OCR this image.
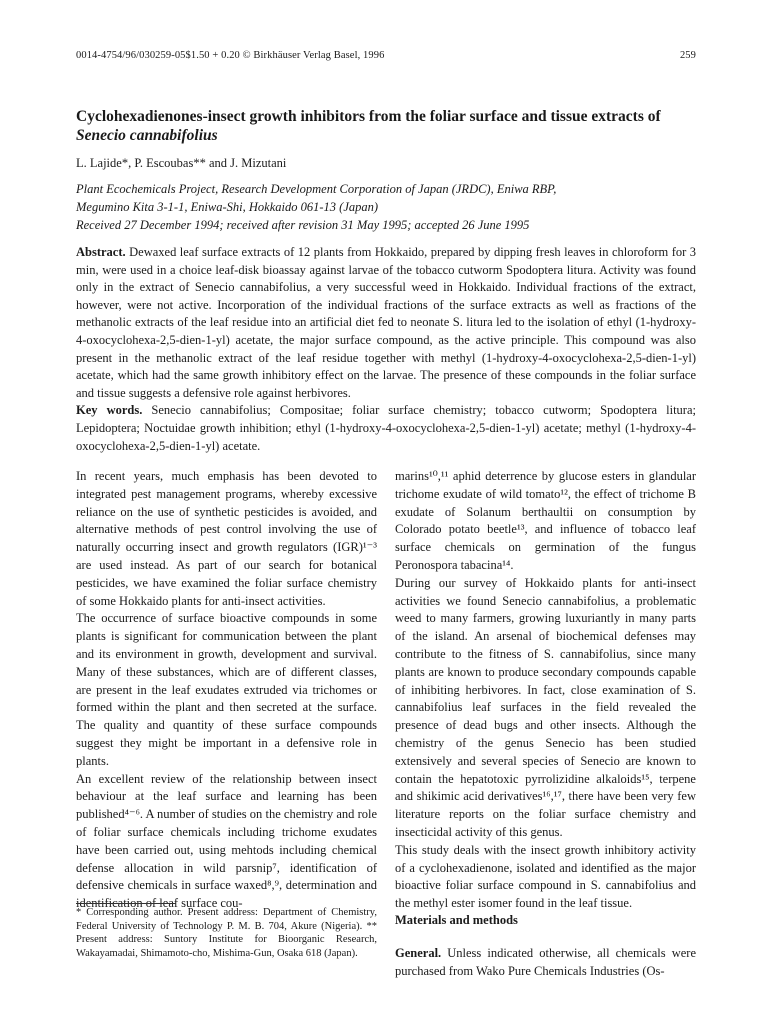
0014-4754/96/030259-05$1.50 + 0.20 © Birkhäuser Verlag Basel, 1996	259
Cyclohexadienones-insect growth inhibitors from the foliar surface and tissue extracts of Senecio cannabifolius
L. Lajide*, P. Escoubas** and J. Mizutani
Plant Ecochemicals Project, Research Development Corporation of Japan (JRDC), Eniwa RBP,
Megumino Kita 3-1-1, Eniwa-Shi, Hokkaido 061-13 (Japan)
Received 27 December 1994; received after revision 31 May 1995; accepted 26 June 1995
Abstract. Dewaxed leaf surface extracts of 12 plants from Hokkaido, prepared by dipping fresh leaves in chloroform for 3 min, were used in a choice leaf-disk bioassay against larvae of the tobacco cutworm Spodoptera litura. Activity was found only in the extract of Senecio cannabifolius, a very successful weed in Hokkaido. Individual fractions of the extract, however, were not active. Incorporation of the individual fractions of the surface extracts as well as fractions of the methanolic extracts of the leaf residue into an artificial diet fed to neonate S. litura led to the isolation of ethyl (1-hydroxy-4-oxocyclohexa-2,5-dien-1-yl) acetate, the major surface compound, as the active principle. This compound was also present in the methanolic extract of the leaf residue together with methyl (1-hydroxy-4-oxocyclohexa-2,5-dien-1-yl) acetate, which had the same growth inhibitory effect on the larvae. The presence of these compounds in the foliar surface and tissue suggests a defensive role against herbivores.
Key words. Senecio cannabifolius; Compositae; foliar surface chemistry; tobacco cutworm; Spodoptera litura; Lepidoptera; Noctuidae growth inhibition; ethyl (1-hydroxy-4-oxocyclohexa-2,5-dien-1-yl) acetate; methyl (1-hydroxy-4-oxocyclohexa-2,5-dien-1-yl) acetate.

In recent years, much emphasis has been devoted to integrated pest management programs, whereby excessive reliance on the use of synthetic pesticides is avoided, and alternative methods of pest control involving the use of naturally occurring insect and growth regulators (IGR)¹⁻³ are used instead. As part of our search for botanical pesticides, we have examined the foliar surface chemistry of some Hokkaido plants for anti-insect activities.

The occurrence of surface bioactive compounds in some plants is significant for communication between the plant and its environment in growth, development and survival. Many of these substances, which are of different classes, are present in the leaf exudates extruded via trichomes or formed within the plant and then secreted at the surface. The quality and quantity of these surface compounds suggest they might be important in a defensive role in plants.

An excellent review of the relationship between insect behaviour at the leaf surface and learning has been published⁴⁻⁶. A number of studies on the chemistry and role of foliar surface chemicals including trichome exudates have been carried out, using mehtods including chemical defense allocation in wild parsnip⁷, identification of defensive chemicals in surface waxed⁸,⁹, determination and identification of leaf surface cou-

marins¹⁰,¹¹ aphid deterrence by glucose esters in glandular trichome exudate of wild tomato¹², the effect of trichome B exudate of Solanum berthaultii on consumption by Colorado potato beetle¹³, and influence of tobacco leaf surface chemicals on germination of the fungus Peronospora tabacina¹⁴.

During our survey of Hokkaido plants for anti-insect activities we found Senecio cannabifolius, a problematic weed to many farmers, growing luxuriantly in many parts of the island. An arsenal of biochemical defenses may contribute to the fitness of S. cannabifolius, since many plants are known to produce secondary compounds capable of inhibiting herbivores. In fact, close examination of S. cannabifolius leaf surfaces in the field revealed the presence of dead bugs and other insects. Although the chemistry of the genus Senecio has been studied extensively and several species of Senecio are known to contain the hepatotoxic pyrrolizidine alkaloids¹⁵, terpene and shikimic acid derivatives¹⁶,¹⁷, there have been very few literature reports on the foliar surface chemistry and insecticidal activity of this genus.

This study deals with the insect growth inhibitory activity of a cyclohexadienone, isolated and identified as the major bioactive foliar surface compound in S. cannabifolius and the methyl ester isomer found in the leaf tissue.

* Corresponding author. Present address: Department of Chemistry, Federal University of Technology P. M. B. 704, Akure (Nigeria). ** Present address: Suntory Institute for Bioorganic Research, Wakayamadai, Shimamoto-cho, Mishima-Gun, Osaka 618 (Japan).
Materials and methods
General. Unless indicated otherwise, all chemicals were purchased from Wako Pure Chemicals Industries (Os-
